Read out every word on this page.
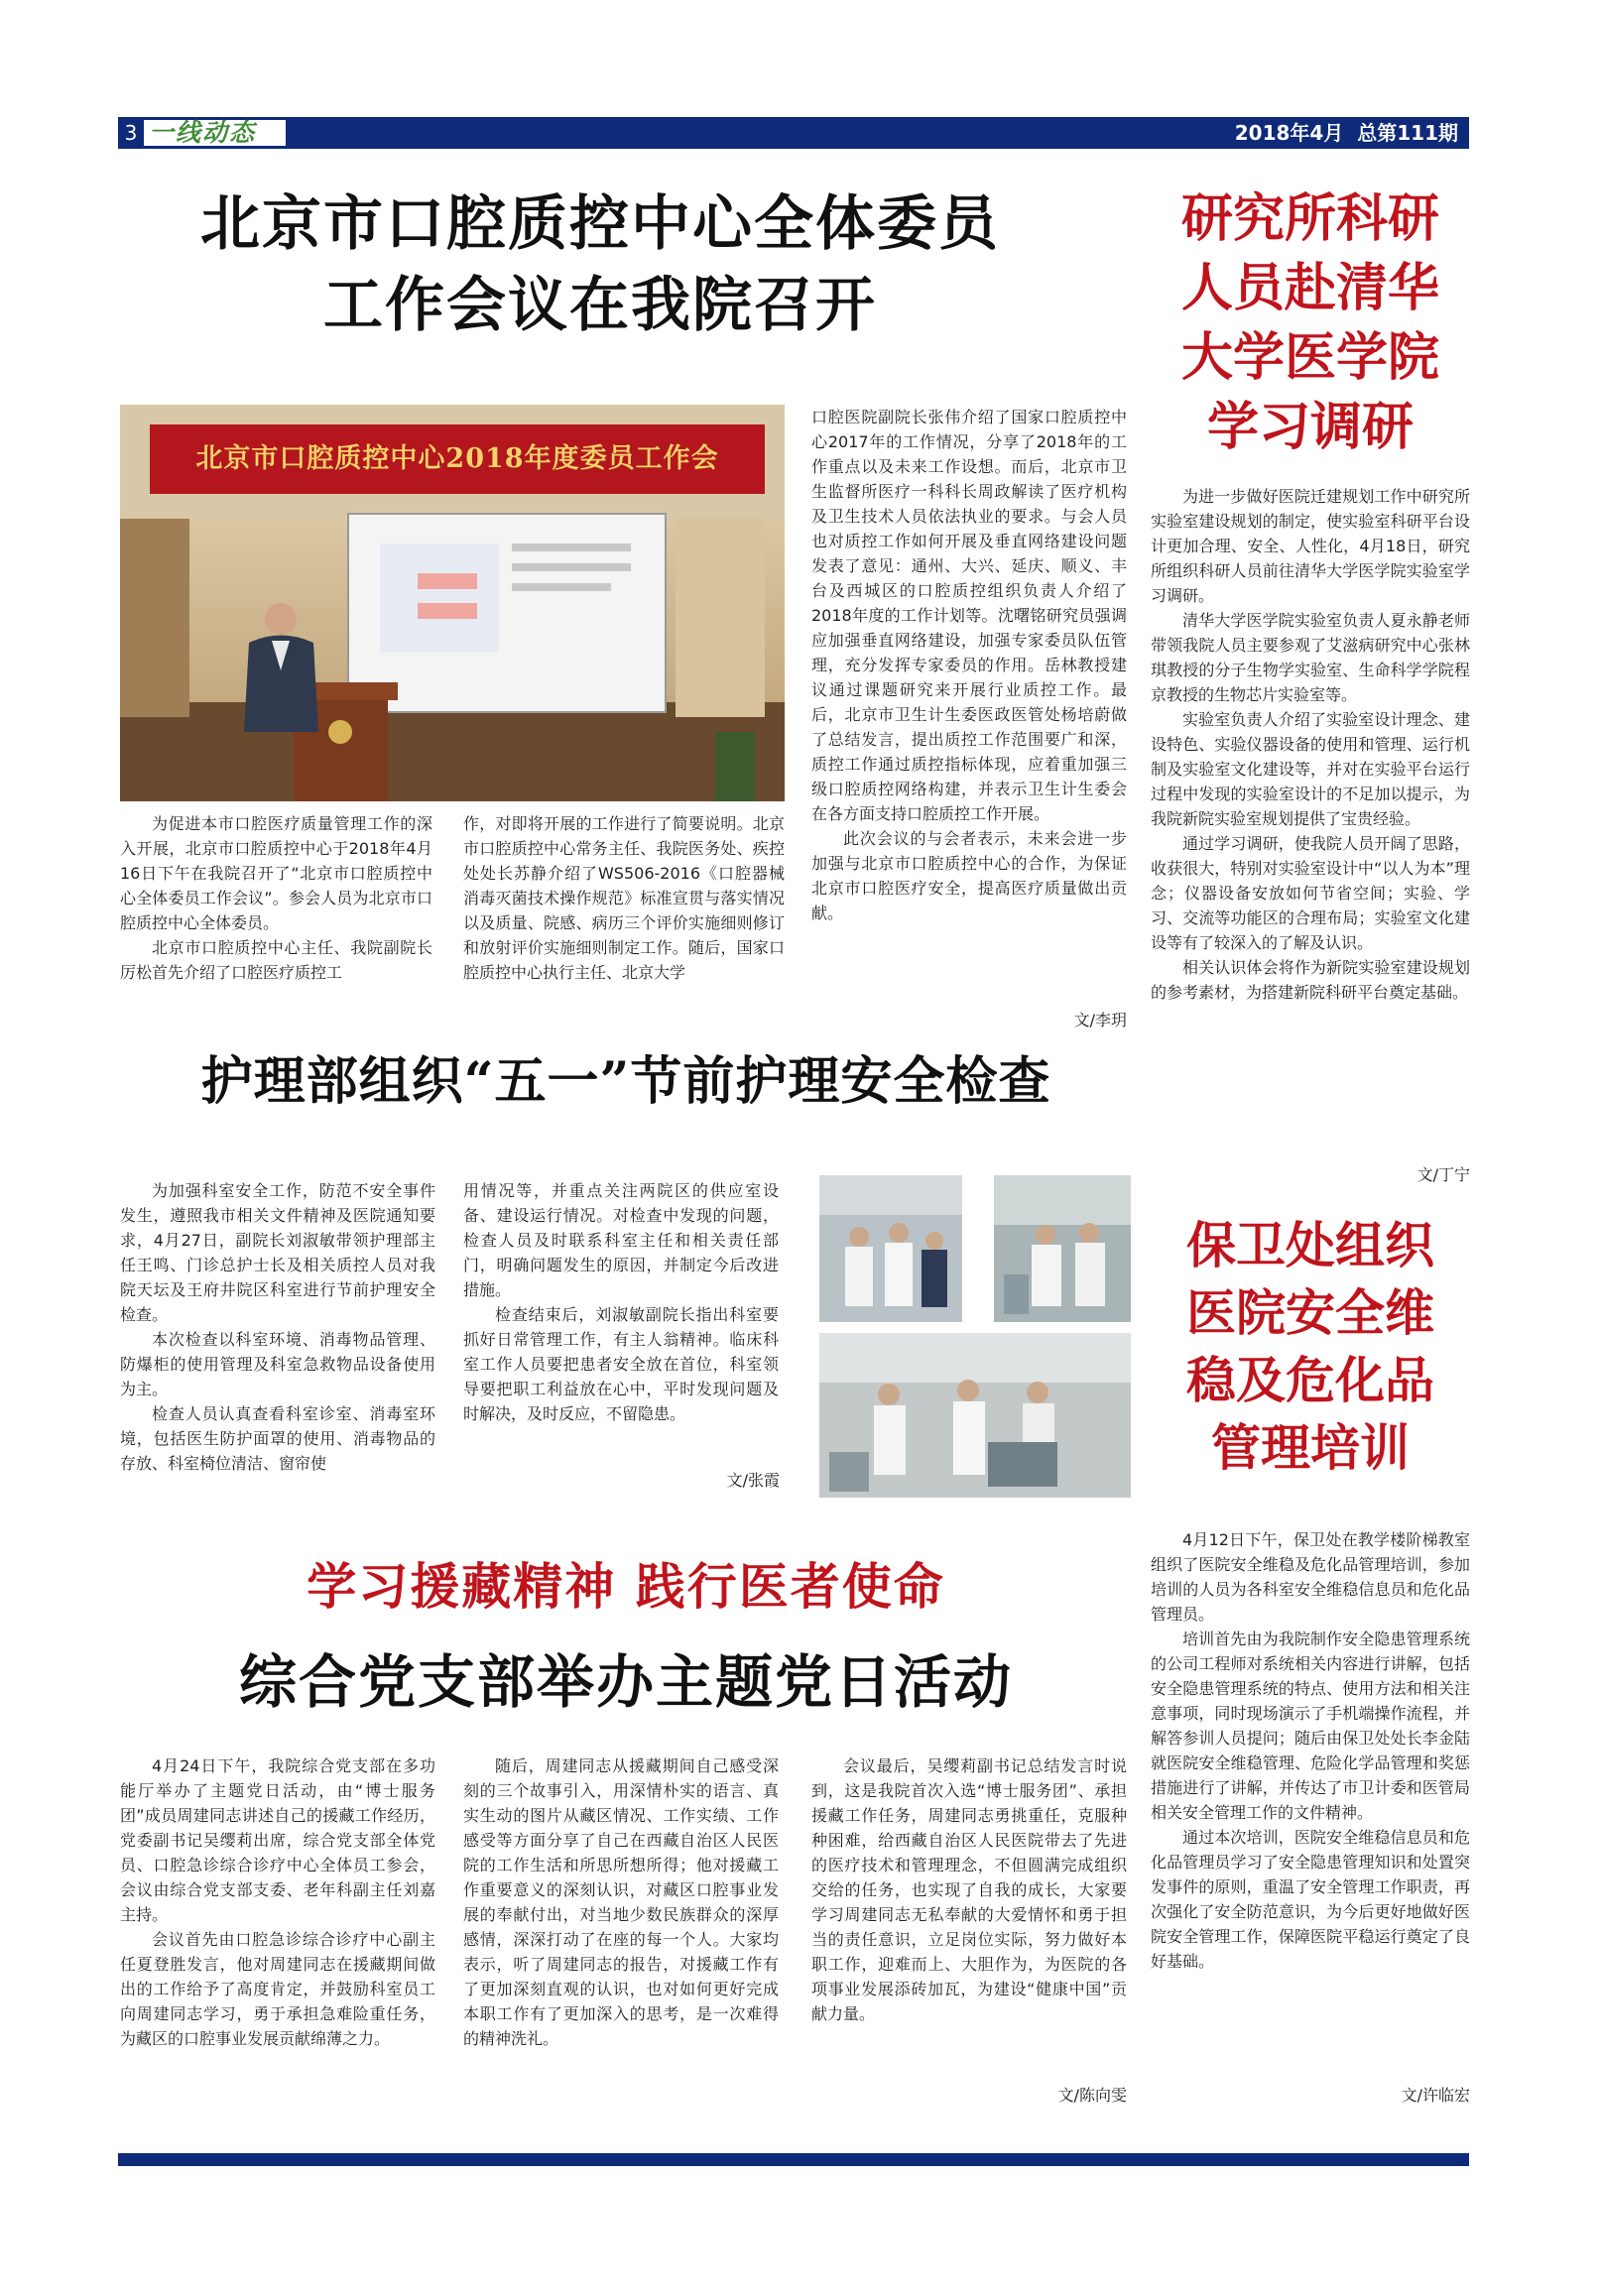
3 一线动态	2018年4月  总第111期
北京市口腔质控中心全体委员
工作会议在我院召开
北京市口腔质控中心2018年度委员工作会

为促进本市口腔医疗质量管理工作的深入开展，北京市口腔质控中心于2018年4月16日下午在我院召开了“北京市口腔质控中心全体委员工作会议”。参会人员为北京市口腔质控中心全体委员。

北京市口腔质控中心主任、我院副院长厉松首先介绍了口腔医疗质控工

作，对即将开展的工作进行了简要说明。北京市口腔质控中心常务主任、我院医务处、疾控处处长苏静介绍了WS506-2016《口腔器械消毒灭菌技术操作规范》标准宣贯与落实情况以及质量、院感、病历三个评价实施细则修订和放射评价实施细则制定工作。随后，国家口腔质控中心执行主任、北京大学

口腔医院副院长张伟介绍了国家口腔质控中心2017年的工作情况，分享了2018年的工作重点以及未来工作设想。而后，北京市卫生监督所医疗一科科长周政解读了医疗机构及卫生技术人员依法执业的要求。与会人员也对质控工作如何开展及垂直网络建设问题发表了意见：通州、大兴、延庆、顺义、丰台及西城区的口腔质控组织负责人介绍了2018年度的工作计划等。沈曙铭研究员强调应加强垂直网络建设，加强专家委员队伍管理，充分发挥专家委员的作用。岳林教授建议通过课题研究来开展行业质控工作。最后，北京市卫生计生委医政医管处杨培蔚做了总结发言，提出质控工作范围要广和深，质控工作通过质控指标体现，应着重加强三级口腔质控网络构建，并表示卫生计生委会在各方面支持口腔质控工作开展。

此次会议的与会者表示，未来会进一步加强与北京市口腔质控中心的合作，为保证北京市口腔医疗安全，提高医疗质量做出贡献。

文/李玥
护理部组织“五一”节前护理安全检查

为加强科室安全工作，防范不安全事件发生，遵照我市相关文件精神及医院通知要求，4月27日，副院长刘淑敏带领护理部主任王鸣、门诊总护士长及相关质控人员对我院天坛及王府井院区科室进行节前护理安全检查。

本次检查以科室环境、消毒物品管理、防爆柜的使用管理及科室急救物品设备使用为主。

检查人员认真查看科室诊室、消毒室环境，包括医生防护面罩的使用、消毒物品的存放、科室椅位清洁、窗帘使

用情况等，并重点关注两院区的供应室设备、建设运行情况。对检查中发现的问题，检查人员及时联系科室主任和相关责任部门，明确问题发生的原因，并制定今后改进措施。

检查结束后，刘淑敏副院长指出科室要抓好日常管理工作，有主人翁精神。临床科室工作人员要把患者安全放在首位，科室领导要把职工利益放在心中，平时发现问题及时解决，及时反应，不留隐患。

文/张霞
学习援藏精神 践行医者使命
综合党支部举办主题党日活动

4月24日下午，我院综合党支部在多功能厅举办了主题党日活动，由“博士服务团”成员周建同志讲述自己的援藏工作经历，党委副书记吴缨莉出席，综合党支部全体党员、口腔急诊综合诊疗中心全体员工参会，会议由综合党支部支委、老年科副主任刘嘉主持。

会议首先由口腔急诊综合诊疗中心副主任夏登胜发言，他对周建同志在援藏期间做出的工作给予了高度肯定，并鼓励科室员工向周建同志学习，勇于承担急难险重任务，为藏区的口腔事业发展贡献绵薄之力。

随后，周建同志从援藏期间自己感受深刻的三个故事引入，用深情朴实的语言、真实生动的图片从藏区情况、工作实绩、工作感受等方面分享了自己在西藏自治区人民医院的工作生活和所思所想所得；他对援藏工作重要意义的深刻认识，对藏区口腔事业发展的奉献付出，对当地少数民族群众的深厚感情，深深打动了在座的每一个人。大家均表示，听了周建同志的报告，对援藏工作有了更加深刻直观的认识，也对如何更好完成本职工作有了更加深入的思考，是一次难得的精神洗礼。

会议最后，吴缨莉副书记总结发言时说到，这是我院首次入选“博士服务团”、承担援藏工作任务，周建同志勇挑重任，克服种种困难，给西藏自治区人民医院带去了先进的医疗技术和管理理念，不但圆满完成组织交给的任务，也实现了自我的成长，大家要学习周建同志无私奉献的大爱情怀和勇于担当的责任意识，立足岗位实际，努力做好本职工作，迎难而上、大胆作为，为医院的各项事业发展添砖加瓦，为建设“健康中国”贡献力量。

文/陈向雯
研究所科研
人员赴清华
大学医学院
学习调研

为进一步做好医院迁建规划工作中研究所实验室建设规划的制定，使实验室科研平台设计更加合理、安全、人性化，4月18日，研究所组织科研人员前往清华大学医学院实验室学习调研。

清华大学医学院实验室负责人夏永静老师带领我院人员主要参观了艾滋病研究中心张林琪教授的分子生物学实验室、生命科学学院程京教授的生物芯片实验室等。

实验室负责人介绍了实验室设计理念、建设特色、实验仪器设备的使用和管理、运行机制及实验室文化建设等，并对在实验平台运行过程中发现的实验室设计的不足加以提示，为我院新院实验室规划提供了宝贵经验。

通过学习调研，使我院人员开阔了思路，收获很大，特别对实验室设计中“以人为本”理念；仪器设备安放如何节省空间；实验、学习、交流等功能区的合理布局；实验室文化建设等有了较深入的了解及认识。

相关认识体会将作为新院实验室建设规划的参考素材，为搭建新院科研平台奠定基础。

文/丁宁
保卫处组织
医院安全维
稳及危化品
管理培训

4月12日下午，保卫处在教学楼阶梯教室组织了医院安全维稳及危化品管理培训，参加培训的人员为各科室安全维稳信息员和危化品管理员。

培训首先由为我院制作安全隐患管理系统的公司工程师对系统相关内容进行讲解，包括安全隐患管理系统的特点、使用方法和相关注意事项，同时现场演示了手机端操作流程，并解答参训人员提问；随后由保卫处处长李金陆就医院安全维稳管理、危险化学品管理和奖惩措施进行了讲解，并传达了市卫计委和医管局相关安全管理工作的文件精神。

通过本次培训，医院安全维稳信息员和危化品管理员学习了安全隐患管理知识和处置突发事件的原则，重温了安全管理工作职责，再次强化了安全防范意识，为今后更好地做好医院安全管理工作，保障医院平稳运行奠定了良好基础。

文/许临宏
